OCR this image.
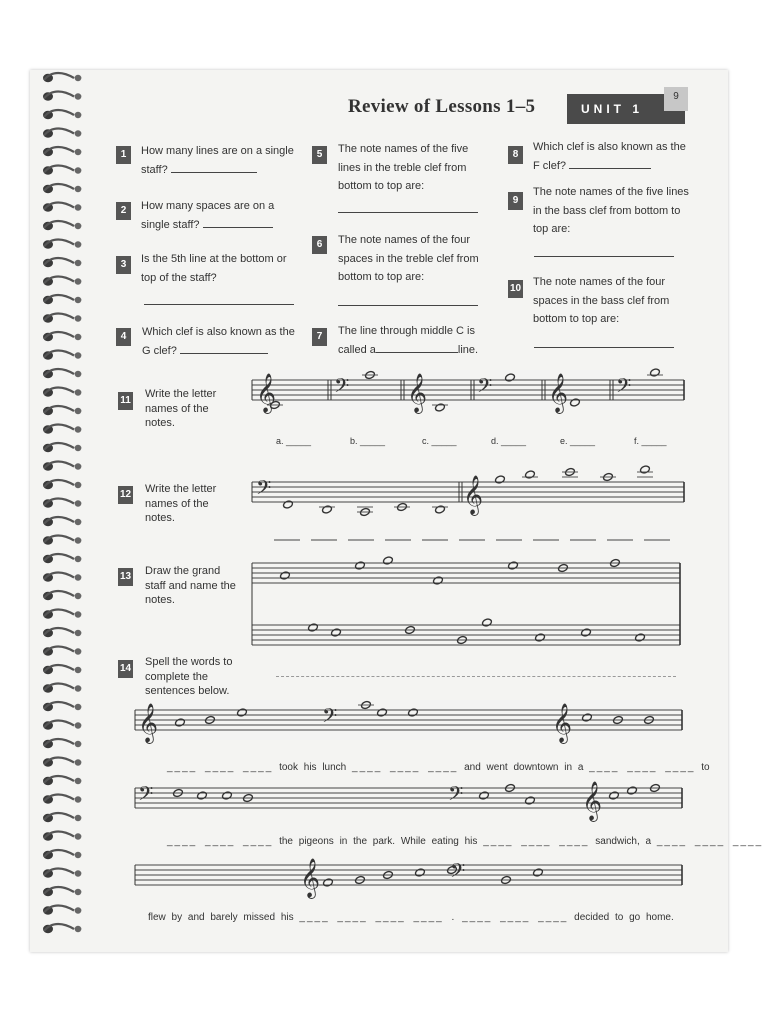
Review of Lessons 1–5	UNIT 1
9
1	How many lines are on a single staff?
2	How many spaces are on a single staff?
3	Is the 5th line at the bottom or top of the staff?
4	Which clef is also known as the G clef?
5	The note names of the five lines in the treble clef from bottom to top are:
6	The note names of the four spaces in the treble clef from bottom to top are:
7	The line through middle C is called a	line.
8
Which clef is also known as the F clef?
9
The note names of the five lines in the bass clef from bottom to top are:
10
The note names of the four spaces in the bass clef from bottom to top are:
11
Write the letter names of the notes.
12 Write the letter names of the notes.
13 Draw the grand staff and name the notes.
14
Spell the words to complete the sentences below.
𝄞 𝄢 𝄞 𝄢 𝄞 𝄢
𝄢	𝄞
𝄞	𝄢	𝄞
𝄢	𝄢	𝄞
𝄞	𝄢
a. _____	b. _____	c. _____	d. _____	e. _____	f. _____
____ ____ ____ took his lunch ____ ____ ____ and went downtown in a ____ ____ ____ to
____ ____ ____ the pigeons in the park. While eating his ____ ____ ____ sandwich, a ____ ____ ____
flew by and barely missed his ____ ____ ____ ____ . ____ ____ ____ decided to go home.
